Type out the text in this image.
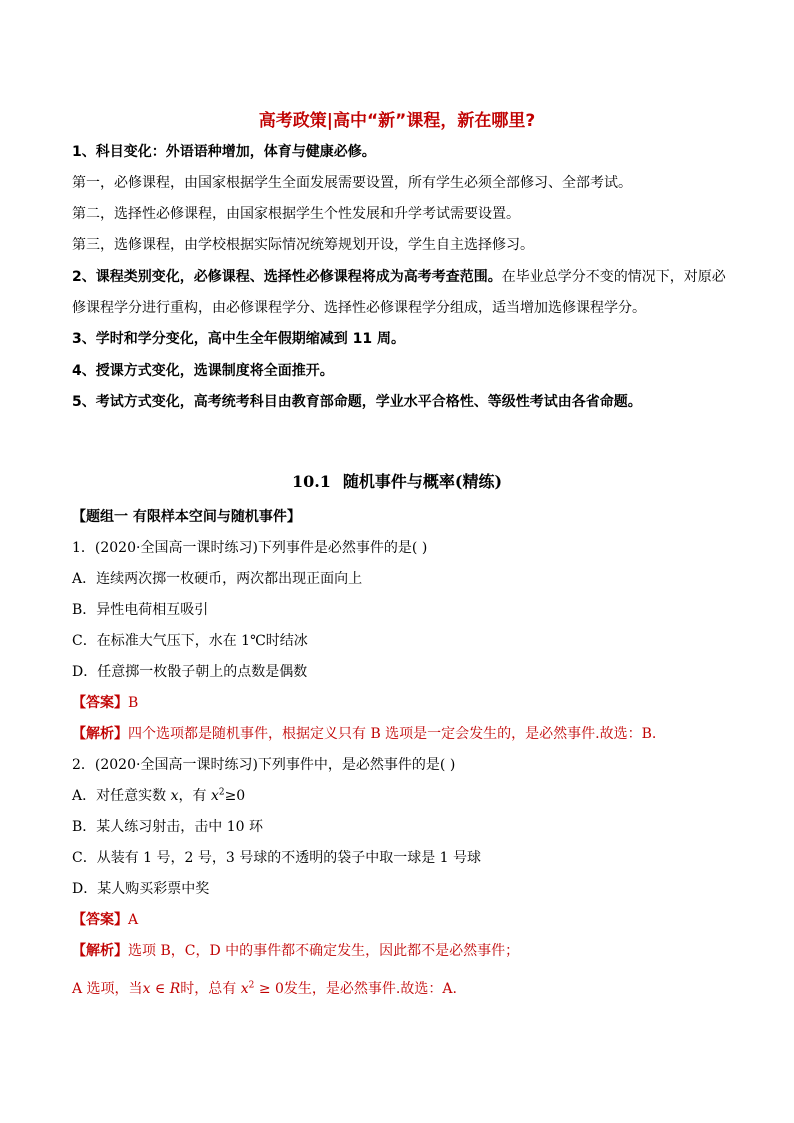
高考政策|高中“新”课程，新在哪里?
1、科目变化：外语语种增加，体育与健康必修。
第一，必修课程，由国家根据学生全面发展需要设置，所有学生必须全部修习、全部考试。
第二，选择性必修课程，由国家根据学生个性发展和升学考试需要设置。
第三，选修课程，由学校根据实际情况统筹规划开设，学生自主选择修习。
2、课程类别变化，必修课程、选择性必修课程将成为高考考查范围。在毕业总学分不变的情况下，对原必
修课程学分进行重构，由必修课程学分、选择性必修课程学分组成，适当增加选修课程学分。
3、学时和学分变化，高中生全年假期缩减到 11 周。
4、授课方式变化，选课制度将全面推开。
5、考试方式变化，高考统考科目由教育部命题，学业水平合格性、等级性考试由各省命题。
10.1 随机事件与概率(精练)
【题组一 有限样本空间与随机事件】
1．(2020·全国高一课时练习)下列事件是必然事件的是( )
A．连续两次掷一枚硬币，两次都出现正面向上
B．异性电荷相互吸引
C．在标准大气压下，水在 1℃时结冰
D．任意掷一枚骰子朝上的点数是偶数
【答案】B
【解析】四个选项都是随机事件，根据定义只有 B 选项是一定会发生的，是必然事件.故选：B.
2．(2020·全国高一课时练习)下列事件中，是必然事件的是( )
A．对任意实数 x，有 $x^2\ge 0$
B．某人练习射击，击中 10 环
C．从装有 1 号，2 号，3 号球的不透明的袋子中取一球是 1 号球
D．某人购买彩票中奖
【答案】A
【解析】选项 B，C，D 中的事件都不确定发生，因此都不是必然事件；
A 选项，当x ∈ R时，总有 $x^2 \ge 0$发生，是必然事件.故选：A.
